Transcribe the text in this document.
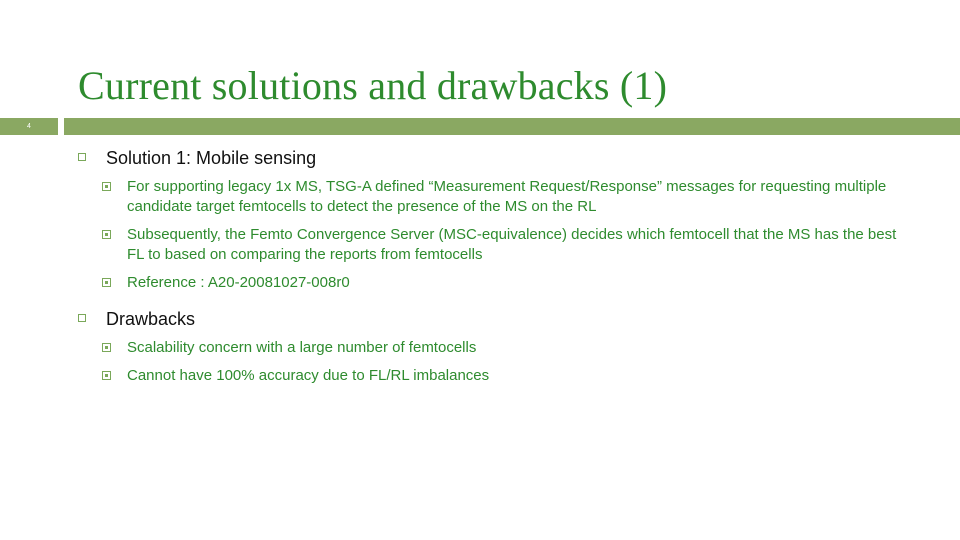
Current solutions and drawbacks (1)
4
Solution 1: Mobile sensing
For supporting legacy 1x MS, TSG-A defined “Measurement Request/Response” messages for requesting multiple candidate target femtocells to detect the presence of the MS on the RL
Subsequently, the Femto Convergence Server (MSC-equivalence) decides which femtocell that the MS has the best FL to based on comparing the reports from femtocells
Reference : A20-20081027-008r0
Drawbacks
Scalability concern with a large number of femtocells
Cannot have 100% accuracy due to FL/RL imbalances
